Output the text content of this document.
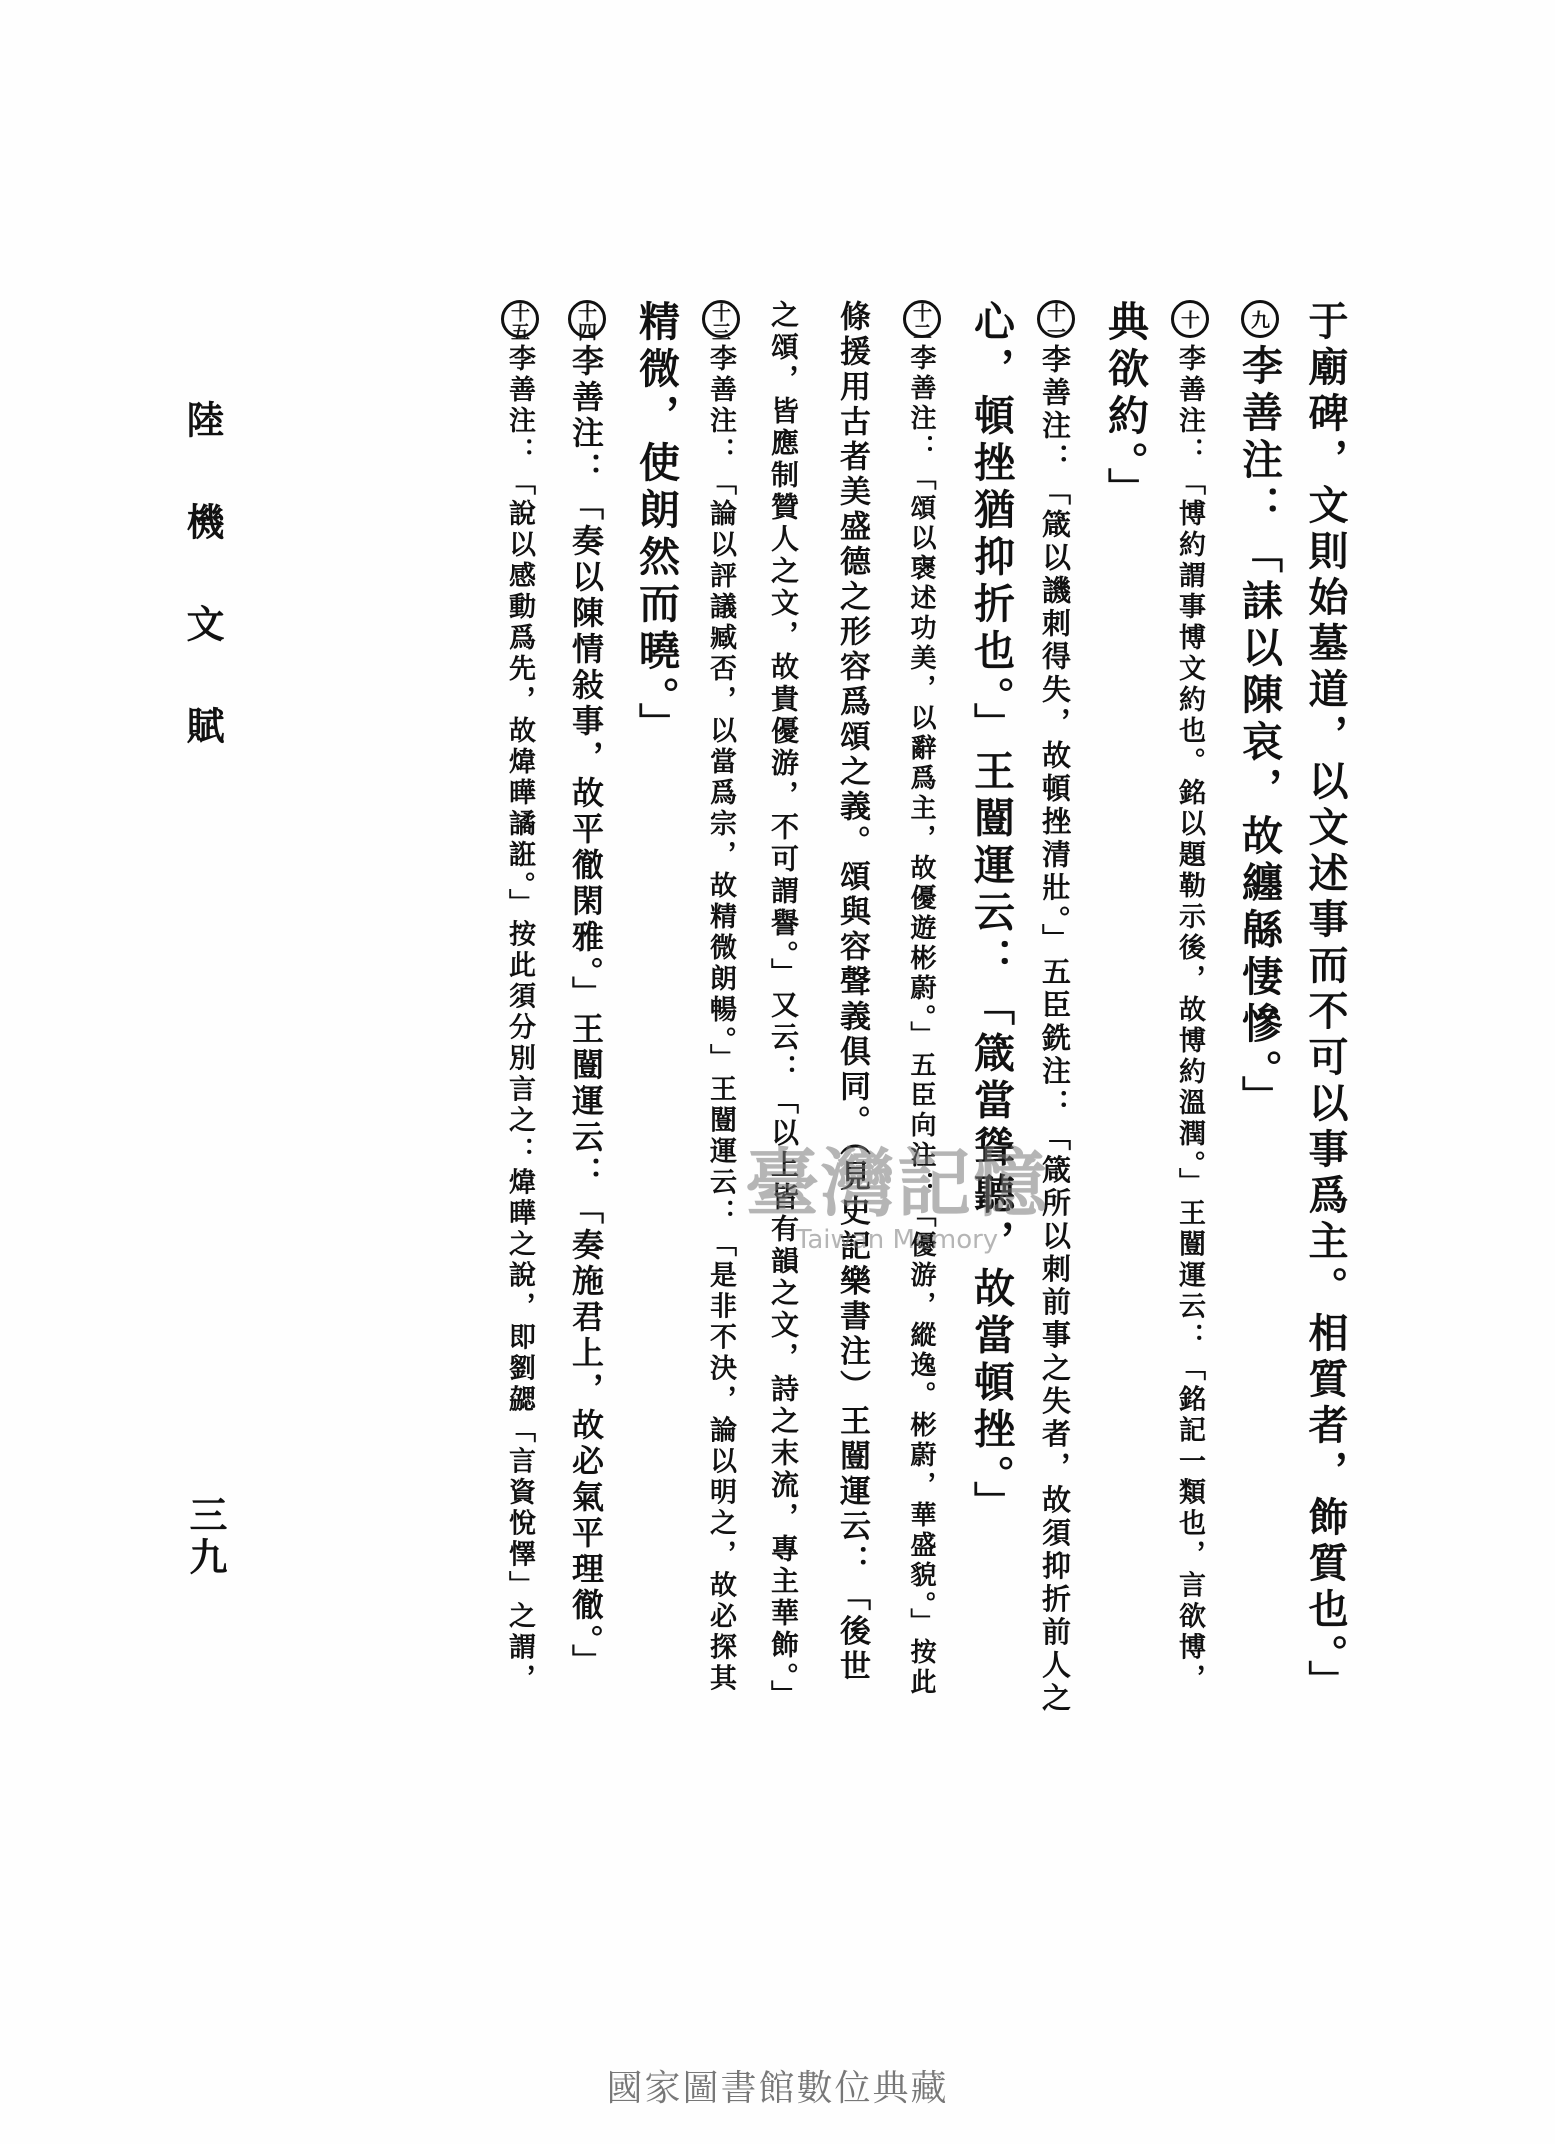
于廟碑，文則始墓道，以文述事而不可以事爲主。相質者，飾質也。」
九李善注：「誄以陳哀，故纏緜悽慘。」
十李善注：「博約謂事博文約也。銘以題勒示後，故博約溫潤。」王闓運云：「銘記一類也，言欲博，
典欲約。」
十一李善注：「箴以譏刺得失，故頓挫清壯。」五臣銑注：「箴所以刺前事之失者，故須抑折前人之
心，頓挫猶抑折也。」王闓運云：「箴當聳聽，故當頓挫。」
十二李善注：「頌以襃述功美，以辭爲主，故優遊彬蔚。」五臣向注：「優游，縱逸。彬蔚，華盛貌。」按此
條援用古者美盛德之形容爲頌之義。頌與容聲義俱同。（見史記樂書注）王闓運云：「後世
之頌，皆應制贊人之文，故貴優游，不可謂譽。」又云：「以上皆有韻之文，詩之末流，專主華飾。」
十三李善注：「論以評議臧否，以當爲宗，故精微朗暢。」王闓運云：「是非不決，論以明之，故必探其
精微，使朗然而曉。」
十四李善注：「奏以陳情敍事，故平徹閑雅。」王闓運云：「奏施君上，故必氣平理徹。」
十五李善注：「說以感動爲先，故煒曄譎誑。」按此須分別言之：煒曄之說，即劉勰「言資悅懌」之謂，
陸機文賦
三九
臺灣記憶
Taiwan Memory
國家圖書館數位典藏
